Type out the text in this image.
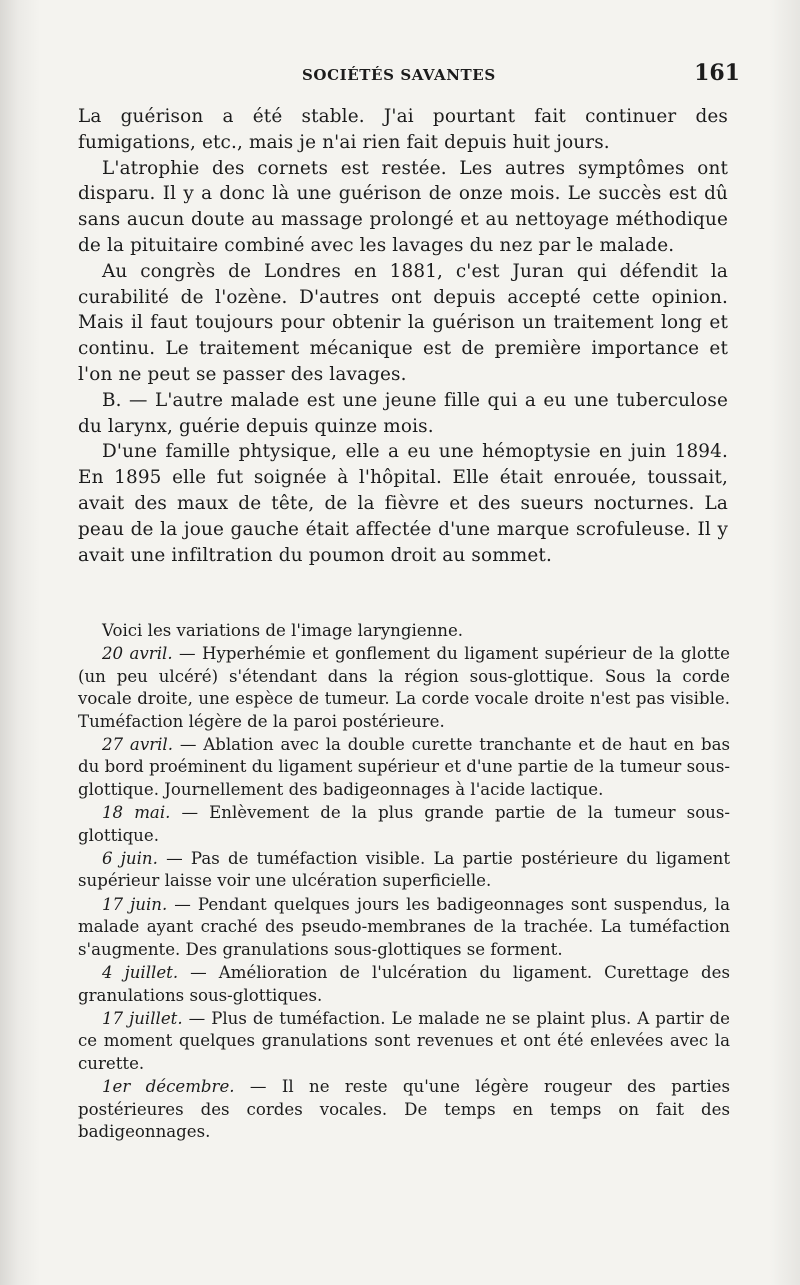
SOCIÉTÉS SAVANTES	161

La guérison a été stable. J'ai pourtant fait continuer des fumigations, etc., mais je n'ai rien fait depuis huit jours.

L'atrophie des cornets est restée. Les autres symptômes ont disparu. Il y a donc là une guérison de onze mois. Le succès est dû sans aucun doute au massage prolongé et au nettoyage méthodique de la pituitaire combiné avec les lavages du nez par le malade.

Au congrès de Londres en 1881, c'est Juran qui défendit la curabilité de l'ozène. D'autres ont depuis accepté cette opinion. Mais il faut toujours pour obtenir la guérison un traitement long et continu. Le traitement mécanique est de première importance et l'on ne peut se passer des lavages.

B. — L'autre malade est une jeune fille qui a eu une tuberculose du larynx, guérie depuis quinze mois.

D'une famille phtysique, elle a eu une hémoptysie en juin 1894. En 1895 elle fut soignée à l'hôpital. Elle était enrouée, toussait, avait des maux de tête, de la fièvre et des sueurs nocturnes. La peau de la joue gauche était affectée d'une marque scrofuleuse. Il y avait une infiltration du poumon droit au sommet.

Voici les variations de l'image laryngienne.

20 avril. — Hyperhémie et gonflement du ligament supérieur de la glotte (un peu ulcéré) s'étendant dans la région sous-glottique. Sous la corde vocale droite, une espèce de tumeur. La corde vocale droite n'est pas visible. Tuméfaction légère de la paroi postérieure.

27 avril. — Ablation avec la double curette tranchante et de haut en bas du bord proéminent du ligament supérieur et d'une partie de la tumeur sous-glottique. Journellement des badigeonnages à l'acide lactique.

18 mai. — Enlèvement de la plus grande partie de la tumeur sous-glottique.

6 juin. — Pas de tuméfaction visible. La partie postérieure du ligament supérieur laisse voir une ulcération superficielle.

17 juin. — Pendant quelques jours les badigeonnages sont suspendus, la malade ayant craché des pseudo-membranes de la trachée. La tuméfaction s'augmente. Des granulations sous-glottiques se forment.

4 juillet. — Amélioration de l'ulcération du ligament. Curettage des granulations sous-glottiques.

17 juillet. — Plus de tuméfaction. Le malade ne se plaint plus. A partir de ce moment quelques granulations sont revenues et ont été enlevées avec la curette.

1er décembre. — Il ne reste qu'une légère rougeur des parties postérieures des cordes vocales. De temps en temps on fait des badigeonnages.
